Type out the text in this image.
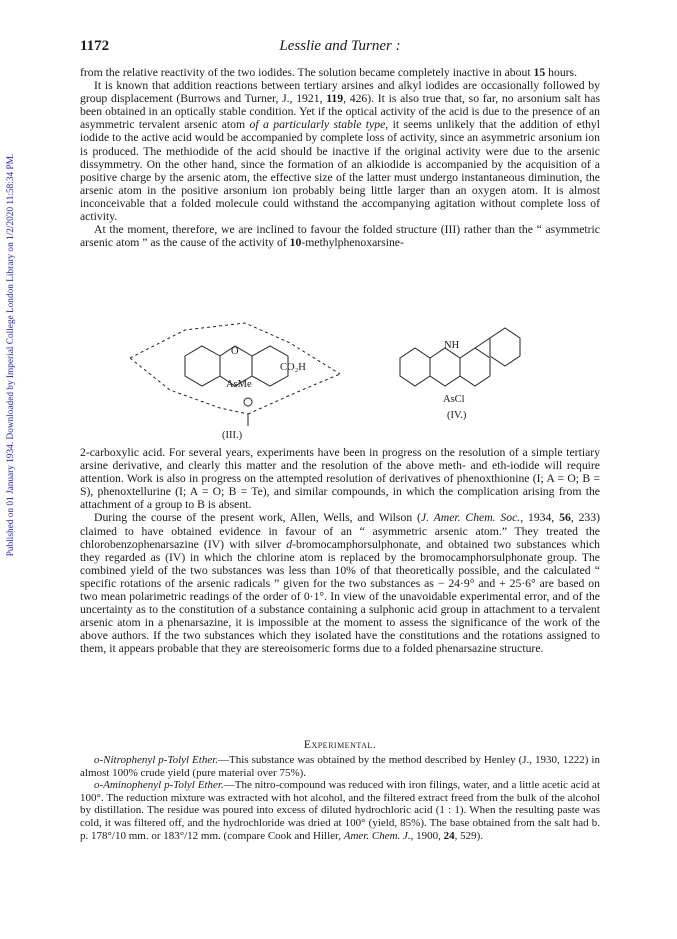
Published on 01 January 1934. Downloaded by Imperial College London Library on 1/2/2020 11:58:34 PM.
1172	Lesslie and Turner :

from the relative reactivity of the two iodides. The solution became completely inactive in about 15 hours.

It is known that addition reactions between tertiary arsines and alkyl iodides are occasionally followed by group displacement (Burrows and Turner, J., 1921, 119, 426). It is also true that, so far, no arsonium salt has been obtained in an optically stable condition. Yet if the optical activity of the acid is due to the presence of an asymmetric tervalent arsenic atom of a particularly stable type, it seems unlikely that the addition of ethyl iodide to the active acid would be accompanied by complete loss of activity, since an asymmetric arsonium ion is produced. The methiodide of the acid should be inactive if the original activity were due to the arsenic dissymmetry. On the other hand, since the formation of an alkiodide is accompanied by the acquisition of a positive charge by the arsenic atom, the effective size of the latter must undergo instantaneous diminution, the arsenic atom in the positive arsonium ion probably being little larger than an oxygen atom. It is almost inconceivable that a folded molecule could withstand the accompanying agitation without complete loss of activity.

At the moment, therefore, we are inclined to favour the folded structure (III) rather than the “ asymmetric arsenic atom ” as the cause of the activity of 10-methylphenoxarsine-

O
AsMe
CO₂H
(III.)
NH
AsCl
(IV.)

2-carboxylic acid. For several years, experiments have been in progress on the resolution of a simple tertiary arsine derivative, and clearly this matter and the resolution of the above meth- and eth-iodide will require attention. Work is also in progress on the attempted resolution of derivatives of phenoxthionine (I; A = O; B = S), phenoxtellurine (I; A = O; B = Te), and similar compounds, in which the complication arising from the attachment of a group to B is absent.

During the course of the present work, Allen, Wells, and Wilson (J. Amer. Chem. Soc., 1934, 56, 233) claimed to have obtained evidence in favour of an “ asymmetric arsenic atom.” They treated the chlorobenzophenarsazine (IV) with silver d-bromocamphorsulphonate, and obtained two substances which they regarded as (IV) in which the chlorine atom is replaced by the bromocamphorsulphonate group. The combined yield of the two substances was less than 10% of that theoretically possible, and the calculated “ specific rotations of the arsenic radicals ” given for the two substances as − 24·9° and + 25·6° are based on two mean polarimetric readings of the order of 0·1°. In view of the unavoidable experimental error, and of the uncertainty as to the constitution of a substance containing a sulphonic acid group in attachment to a tervalent arsenic atom in a phenarsazine, it is impossible at the moment to assess the significance of the work of the above authors. If the two substances which they isolated have the constitutions and the rotations assigned to them, it appears probable that they are stereoisomeric forms due to a folded phenarsazine structure.

Experimental.

o-Nitrophenyl p-Tolyl Ether.—This substance was obtained by the method described by Henley (J., 1930, 1222) in almost 100% crude yield (pure material over 75%).

o-Aminophenyl p-Tolyl Ether.—The nitro-compound was reduced with iron filings, water, and a little acetic acid at 100°. The reduction mixture was extracted with hot alcohol, and the filtered extract freed from the bulk of the alcohol by distillation. The residue was poured into excess of diluted hydrochloric acid (1 : 1). When the resulting paste was cold, it was filtered off, and the hydrochloride was dried at 100° (yield, 85%). The base obtained from the salt had b. p. 178°/10 mm. or 183°/12 mm. (compare Cook and Hiller, Amer. Chem. J., 1900, 24, 529).
